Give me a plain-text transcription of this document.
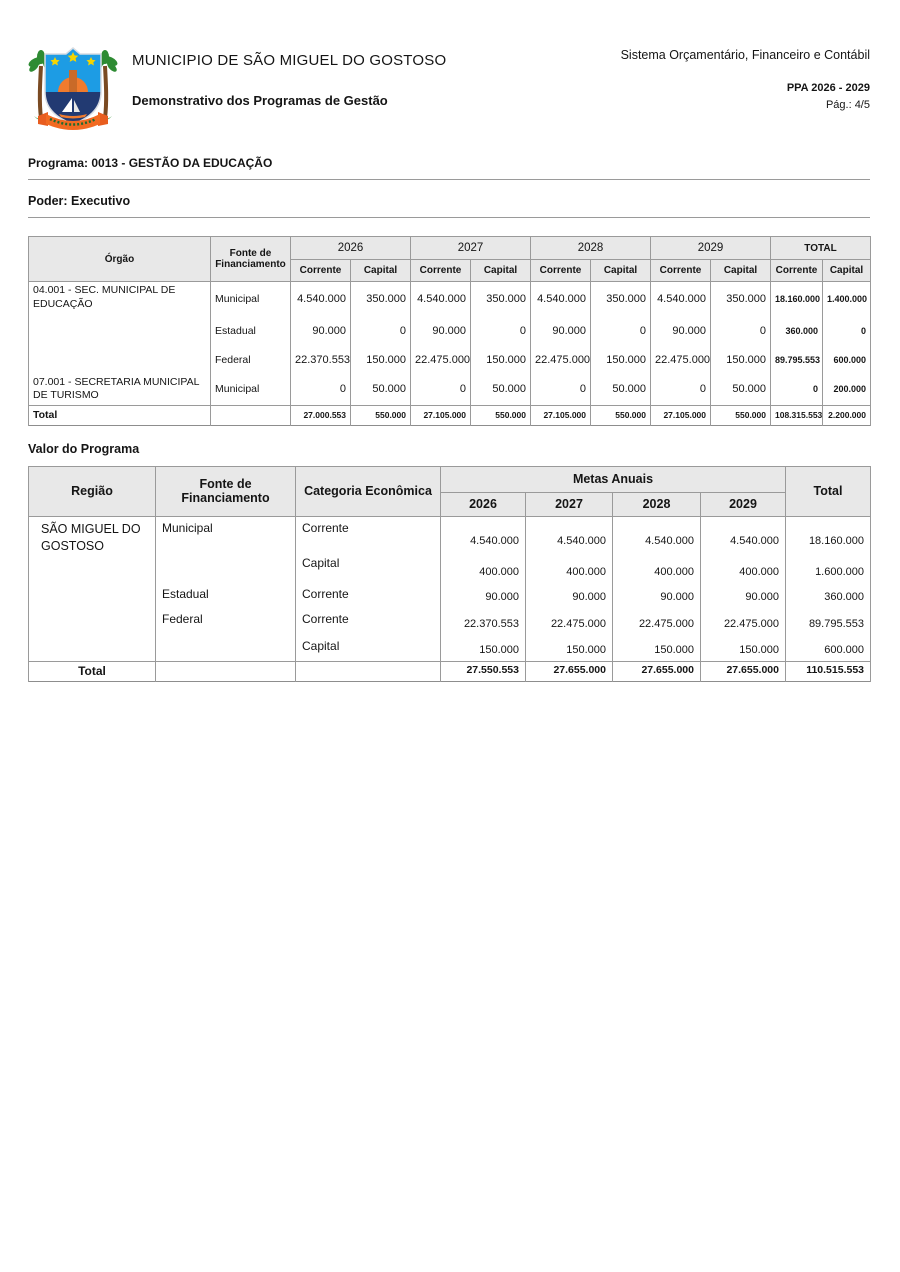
MUNICIPIO DE SÃO MIGUEL DO GOSTOSO
Demonstrativo dos Programas de Gestão
Sistema Orçamentário, Financeiro e Contábil
PPA 2026 - 2029
Pág.: 4/5
Programa: 0013 - GESTÃO DA EDUCAÇÃO
Poder: Executivo
Órgão	Fonte de Financiamento	2026		2027		2028		2029		TOTAL	
		Corrente	Capital	Corrente	Capital	Corrente	Capital	Corrente	Capital	Corrente	Capital
04.001 - SEC. MUNICIPAL DE EDUCAÇÃO	Municipal	4.540.000	350.000	4.540.000	350.000	4.540.000	350.000	4.540.000	350.000	18.160.000	1.400.000
	Estadual	90.000	0	90.000	0	90.000	0	90.000	0	360.000	0
	Federal	22.370.553	150.000	22.475.000	150.000	22.475.000	150.000	22.475.000	150.000	89.795.553	600.000
07.001 - SECRETARIA MUNICIPAL DE TURISMO	Municipal	0	50.000	0	50.000	0	50.000	0	50.000	0	200.000
Total		27.000.553	550.000	27.105.000	550.000	27.105.000	550.000	27.105.000	550.000	108.315.553	2.200.000
Valor do Programa
Região	Fonte de Financiamento	Categoria Econômica	Metas Anuais				Total
			2026	2027	2028	2029	
SÃO MIGUEL DO GOSTOSO	Municipal	Corrente	4.540.000	4.540.000	4.540.000	4.540.000	18.160.000
		Capital	400.000	400.000	400.000	400.000	1.600.000
	Estadual	Corrente	90.000	90.000	90.000	90.000	360.000
	Federal	Corrente	22.370.553	22.475.000	22.475.000	22.475.000	89.795.553
		Capital	150.000	150.000	150.000	150.000	600.000
Total			27.550.553	27.655.000	27.655.000	27.655.000	110.515.553
